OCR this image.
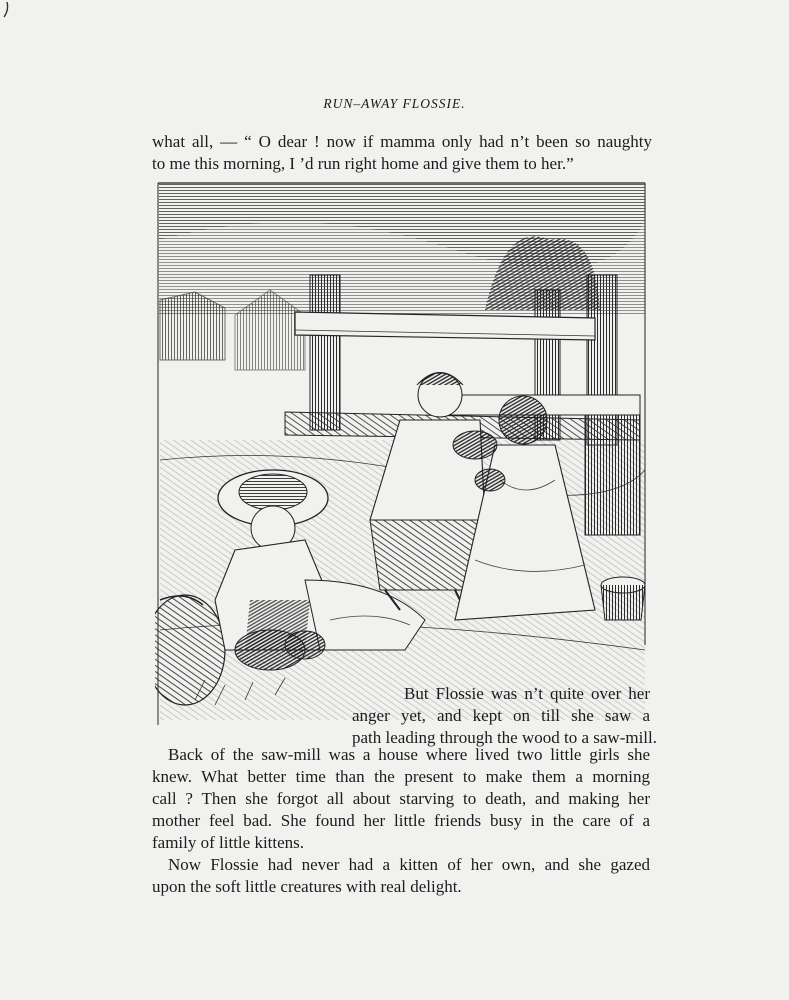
RUN–AWAY FLOSSIE.
what all, — “ O dear ! now if mamma only had n’t been so naughty
to me this morning, I ’d run right home and give them to her.”
But Flossie was n’t quite over her
anger yet, and kept on till she saw a
path leading through the wood to a saw-mill.
Back of the saw-mill was a house where lived two little girls she
knew. What better time than the present to make them a morning
call ? Then she forgot all about starving to death, and making her
mother feel bad. She found her little friends busy in the care of a
family of little kittens.
Now Flossie had never had a kitten of her own, and she gazed
upon the soft little creatures with real delight.
